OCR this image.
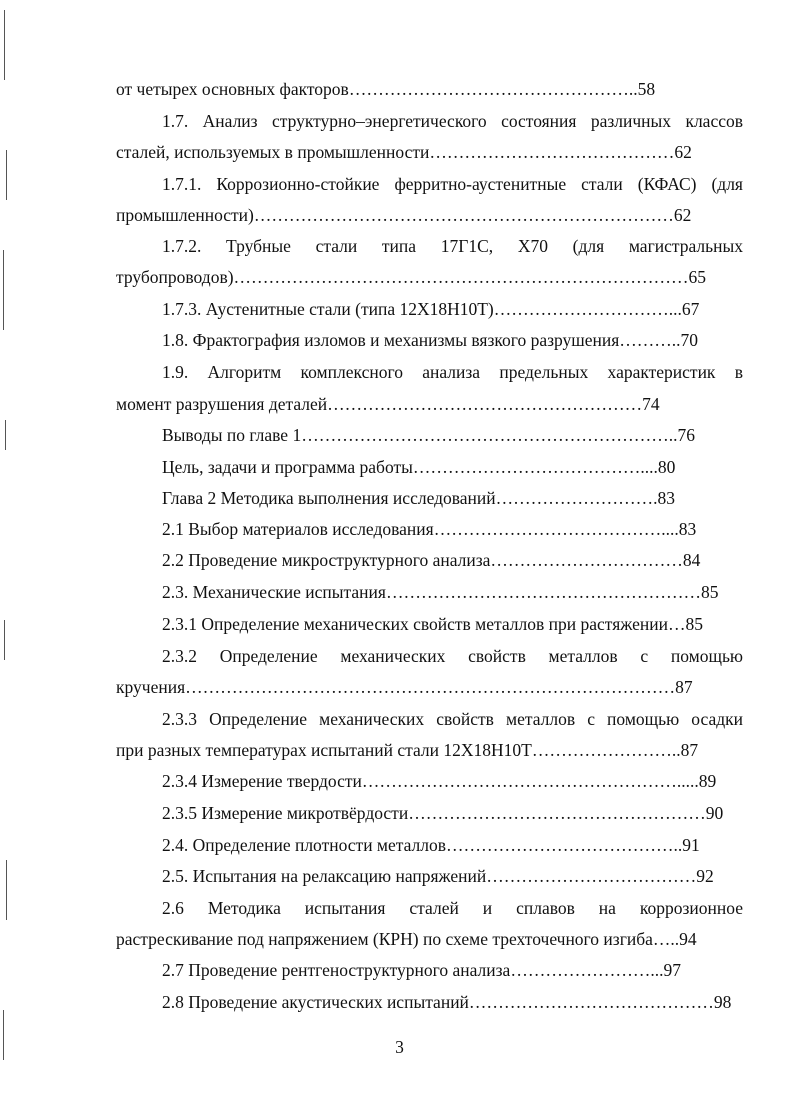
от четырех основных факторов…………………………………………..58
1.7. Анализ структурно–энергетического состояния различных классов
сталей, используемых в промышленности……………………………………62
1.7.1. Коррозионно-стойкие ферритно-аустенитные стали (КФАС) (для
промышленности)………………………………………………………………62
1.7.2. Трубные стали типа 17Г1С, Х70 (для магистральных
трубопроводов)……………………………………………………………………65
1.7.3. Аустенитные стали (типа 12Х18Н10Т)…………………………...67
1.8. Фрактография изломов и механизмы вязкого разрушения………..70
1.9. Алгоритм комплексного анализа предельных характеристик в
момент разрушения деталей………………………………………………74
Выводы по главе 1………………………………………………………..76
Цель, задачи и программа работы…………………………………....80
Глава 2 Методика выполнения исследований……………………….83
2.1 Выбор материалов исследования…………………………………....83
2.2 Проведение микроструктурного анализа……………………………84
2.3. Механические испытания………………………………………………85
2.3.1 Определение механических свойств металлов при растяжении…85
2.3.2 Определение механических свойств металлов с помощью
кручения…………………………………………………………………………87
2.3.3 Определение механических свойств металлов с помощью осадки
при разных температурах испытаний стали 12Х18Н10Т……………………..87
2.3.4 Измерение твердости……………………………………………….....89
2.3.5 Измерение микротвёрдости……………………………………………90
2.4. Определение плотности металлов…………………………………..91
2.5. Испытания на релаксацию напряжений………………………………92
2.6 Методика испытания сталей и сплавов на коррозионное
растрескивание под напряжением (КРН) по схеме трехточечного изгиба…..94
2.7 Проведение рентгеноструктурного анализа……………………...97
2.8 Проведение акустических испытаний……………………………………98
3
